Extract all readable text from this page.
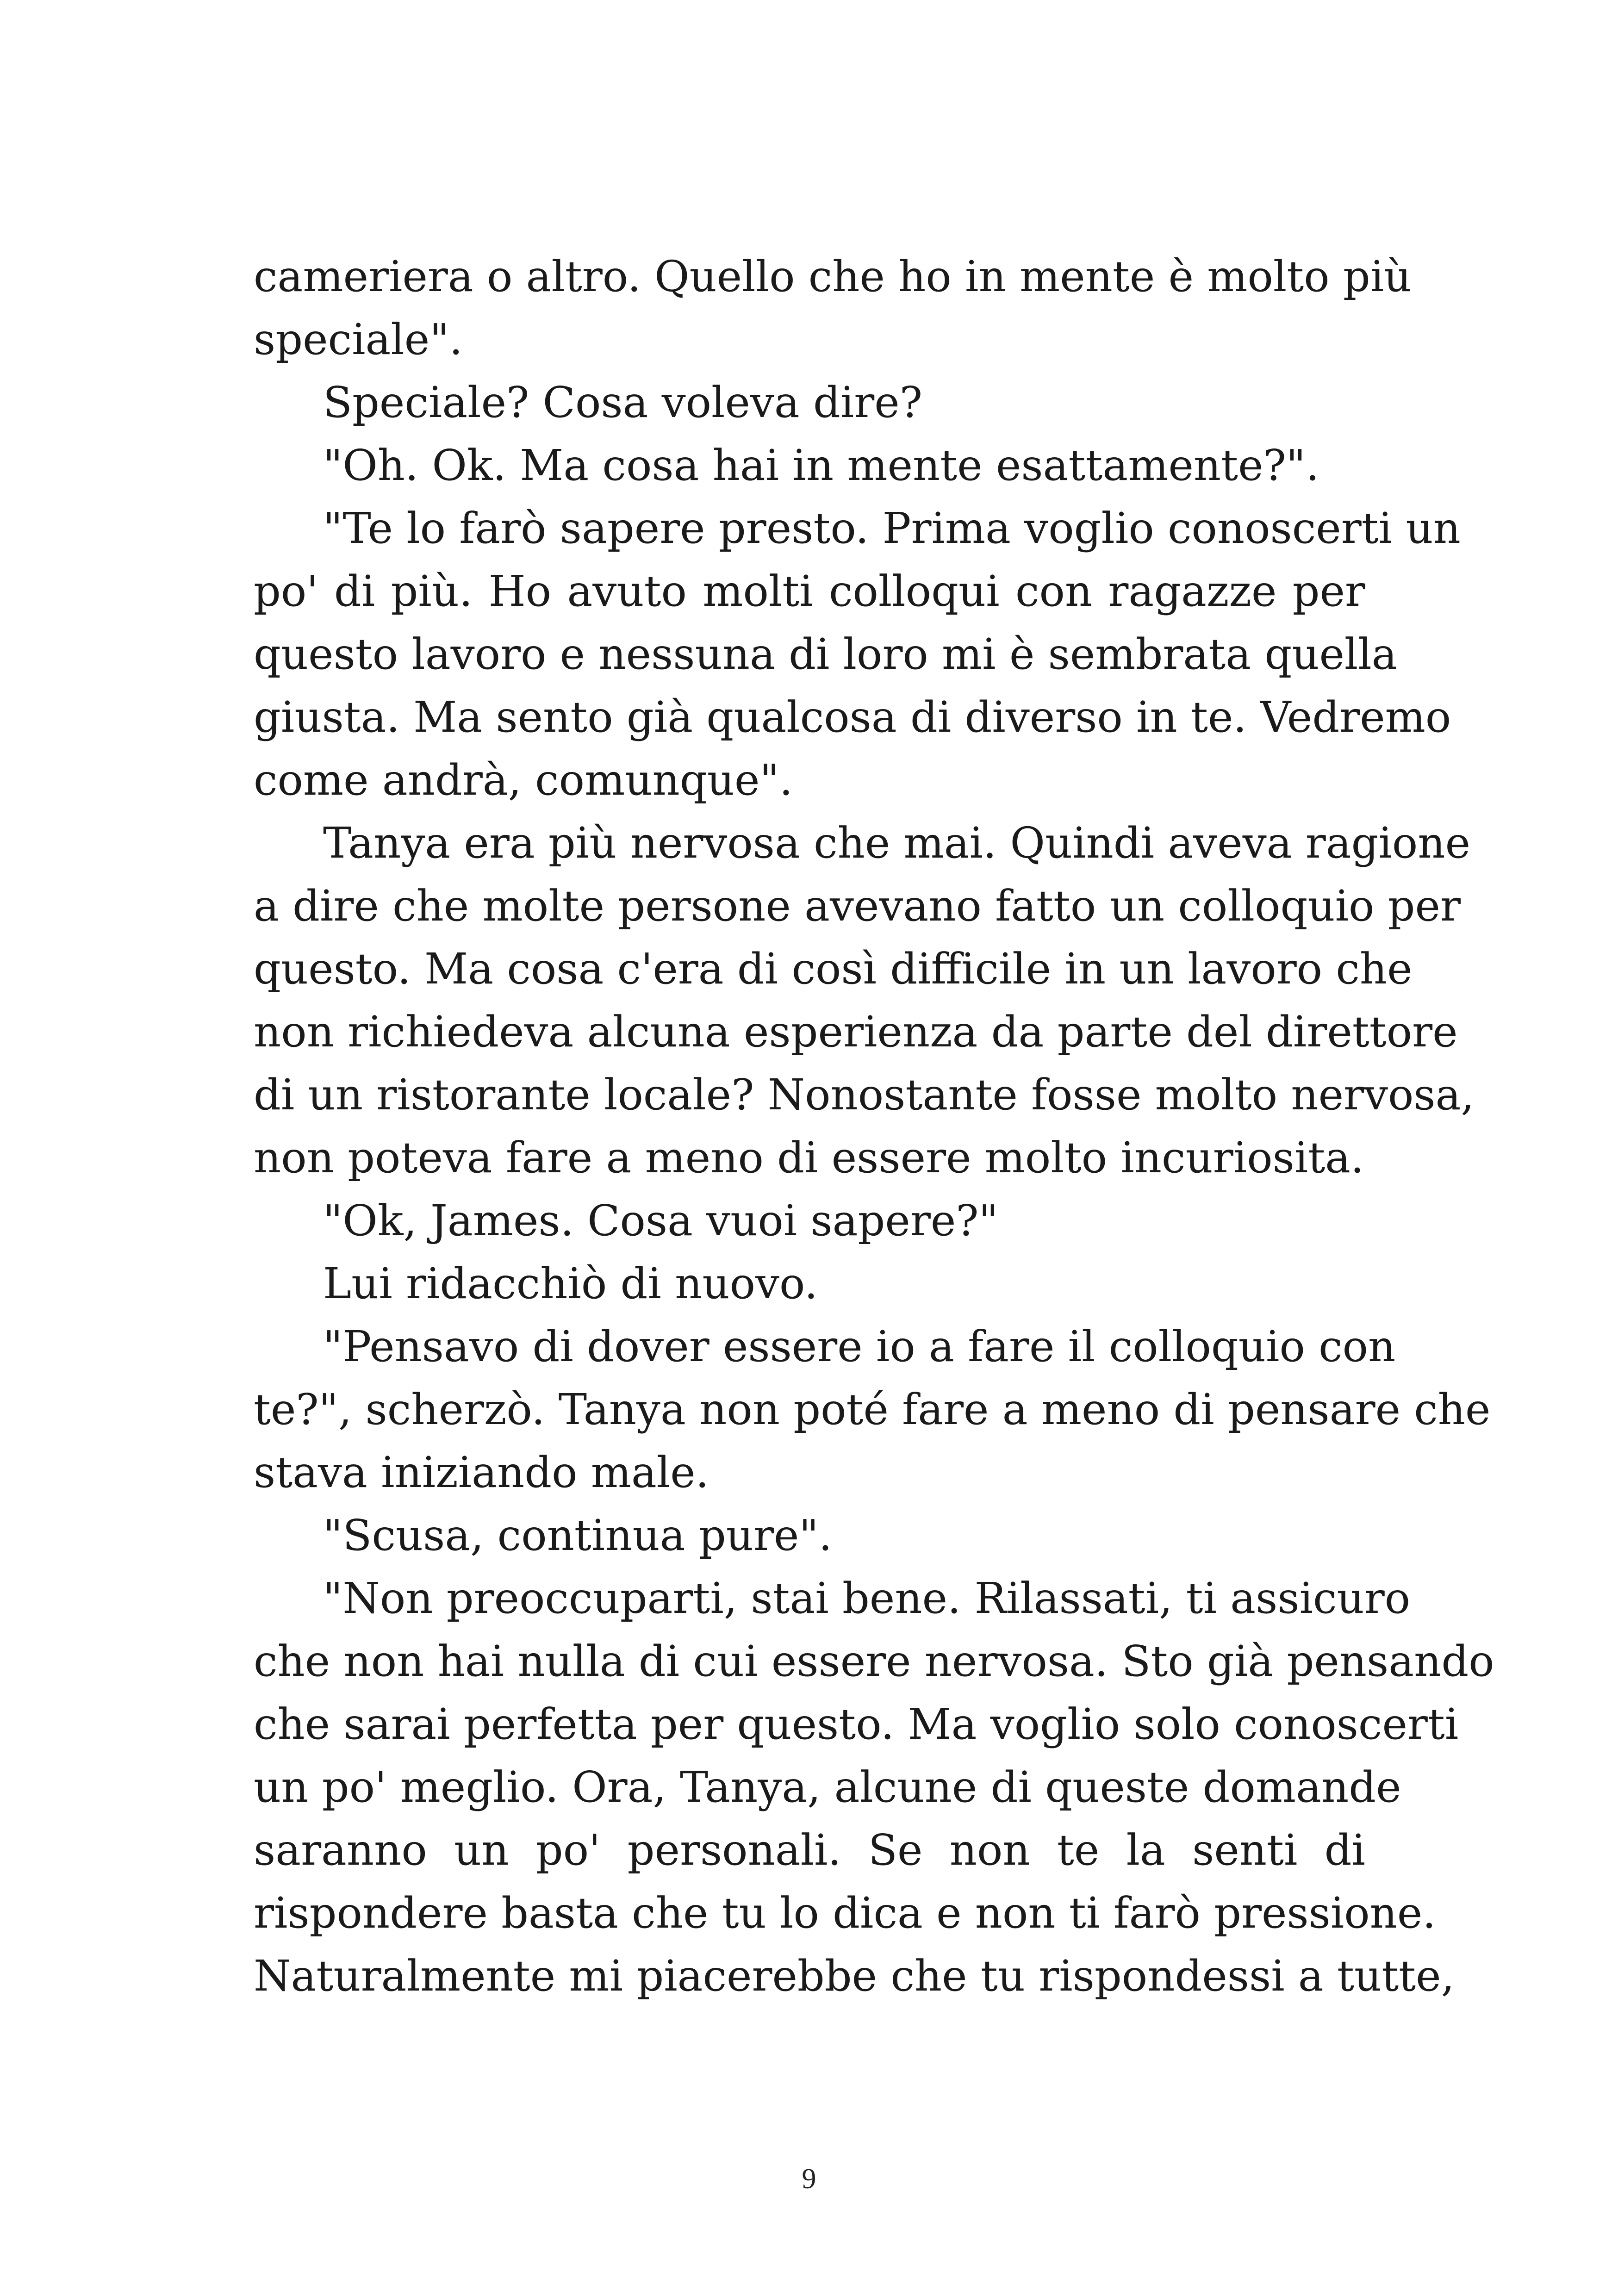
cameriera o altro. Quello che ho in mente è molto più
speciale".
Speciale? Cosa voleva dire?
"Oh. Ok. Ma cosa hai in mente esattamente?".
"Te lo farò sapere presto. Prima voglio conoscerti un
po' di più. Ho avuto molti colloqui con ragazze per
questo lavoro e nessuna di loro mi è sembrata quella
giusta. Ma sento già qualcosa di diverso in te. Vedremo
come andrà, comunque".
Tanya era più nervosa che mai. Quindi aveva ragione
a dire che molte persone avevano fatto un colloquio per
questo. Ma cosa c'era di così difficile in un lavoro che
non richiedeva alcuna esperienza da parte del direttore
di un ristorante locale? Nonostante fosse molto nervosa,
non poteva fare a meno di essere molto incuriosita.
"Ok, James. Cosa vuoi sapere?"
Lui ridacchiò di nuovo.
"Pensavo di dover essere io a fare il colloquio con
te?", scherzò. Tanya non poté fare a meno di pensare che
stava iniziando male.
"Scusa, continua pure".
"Non preoccuparti, stai bene. Rilassati, ti assicuro
che non hai nulla di cui essere nervosa. Sto già pensando
che sarai perfetta per questo. Ma voglio solo conoscerti
un po' meglio. Ora, Tanya, alcune di queste domande
saranno un po' personali. Se non te la senti di
rispondere basta che tu lo dica e non ti farò pressione.
Naturalmente mi piacerebbe che tu rispondessi a tutte,
9
